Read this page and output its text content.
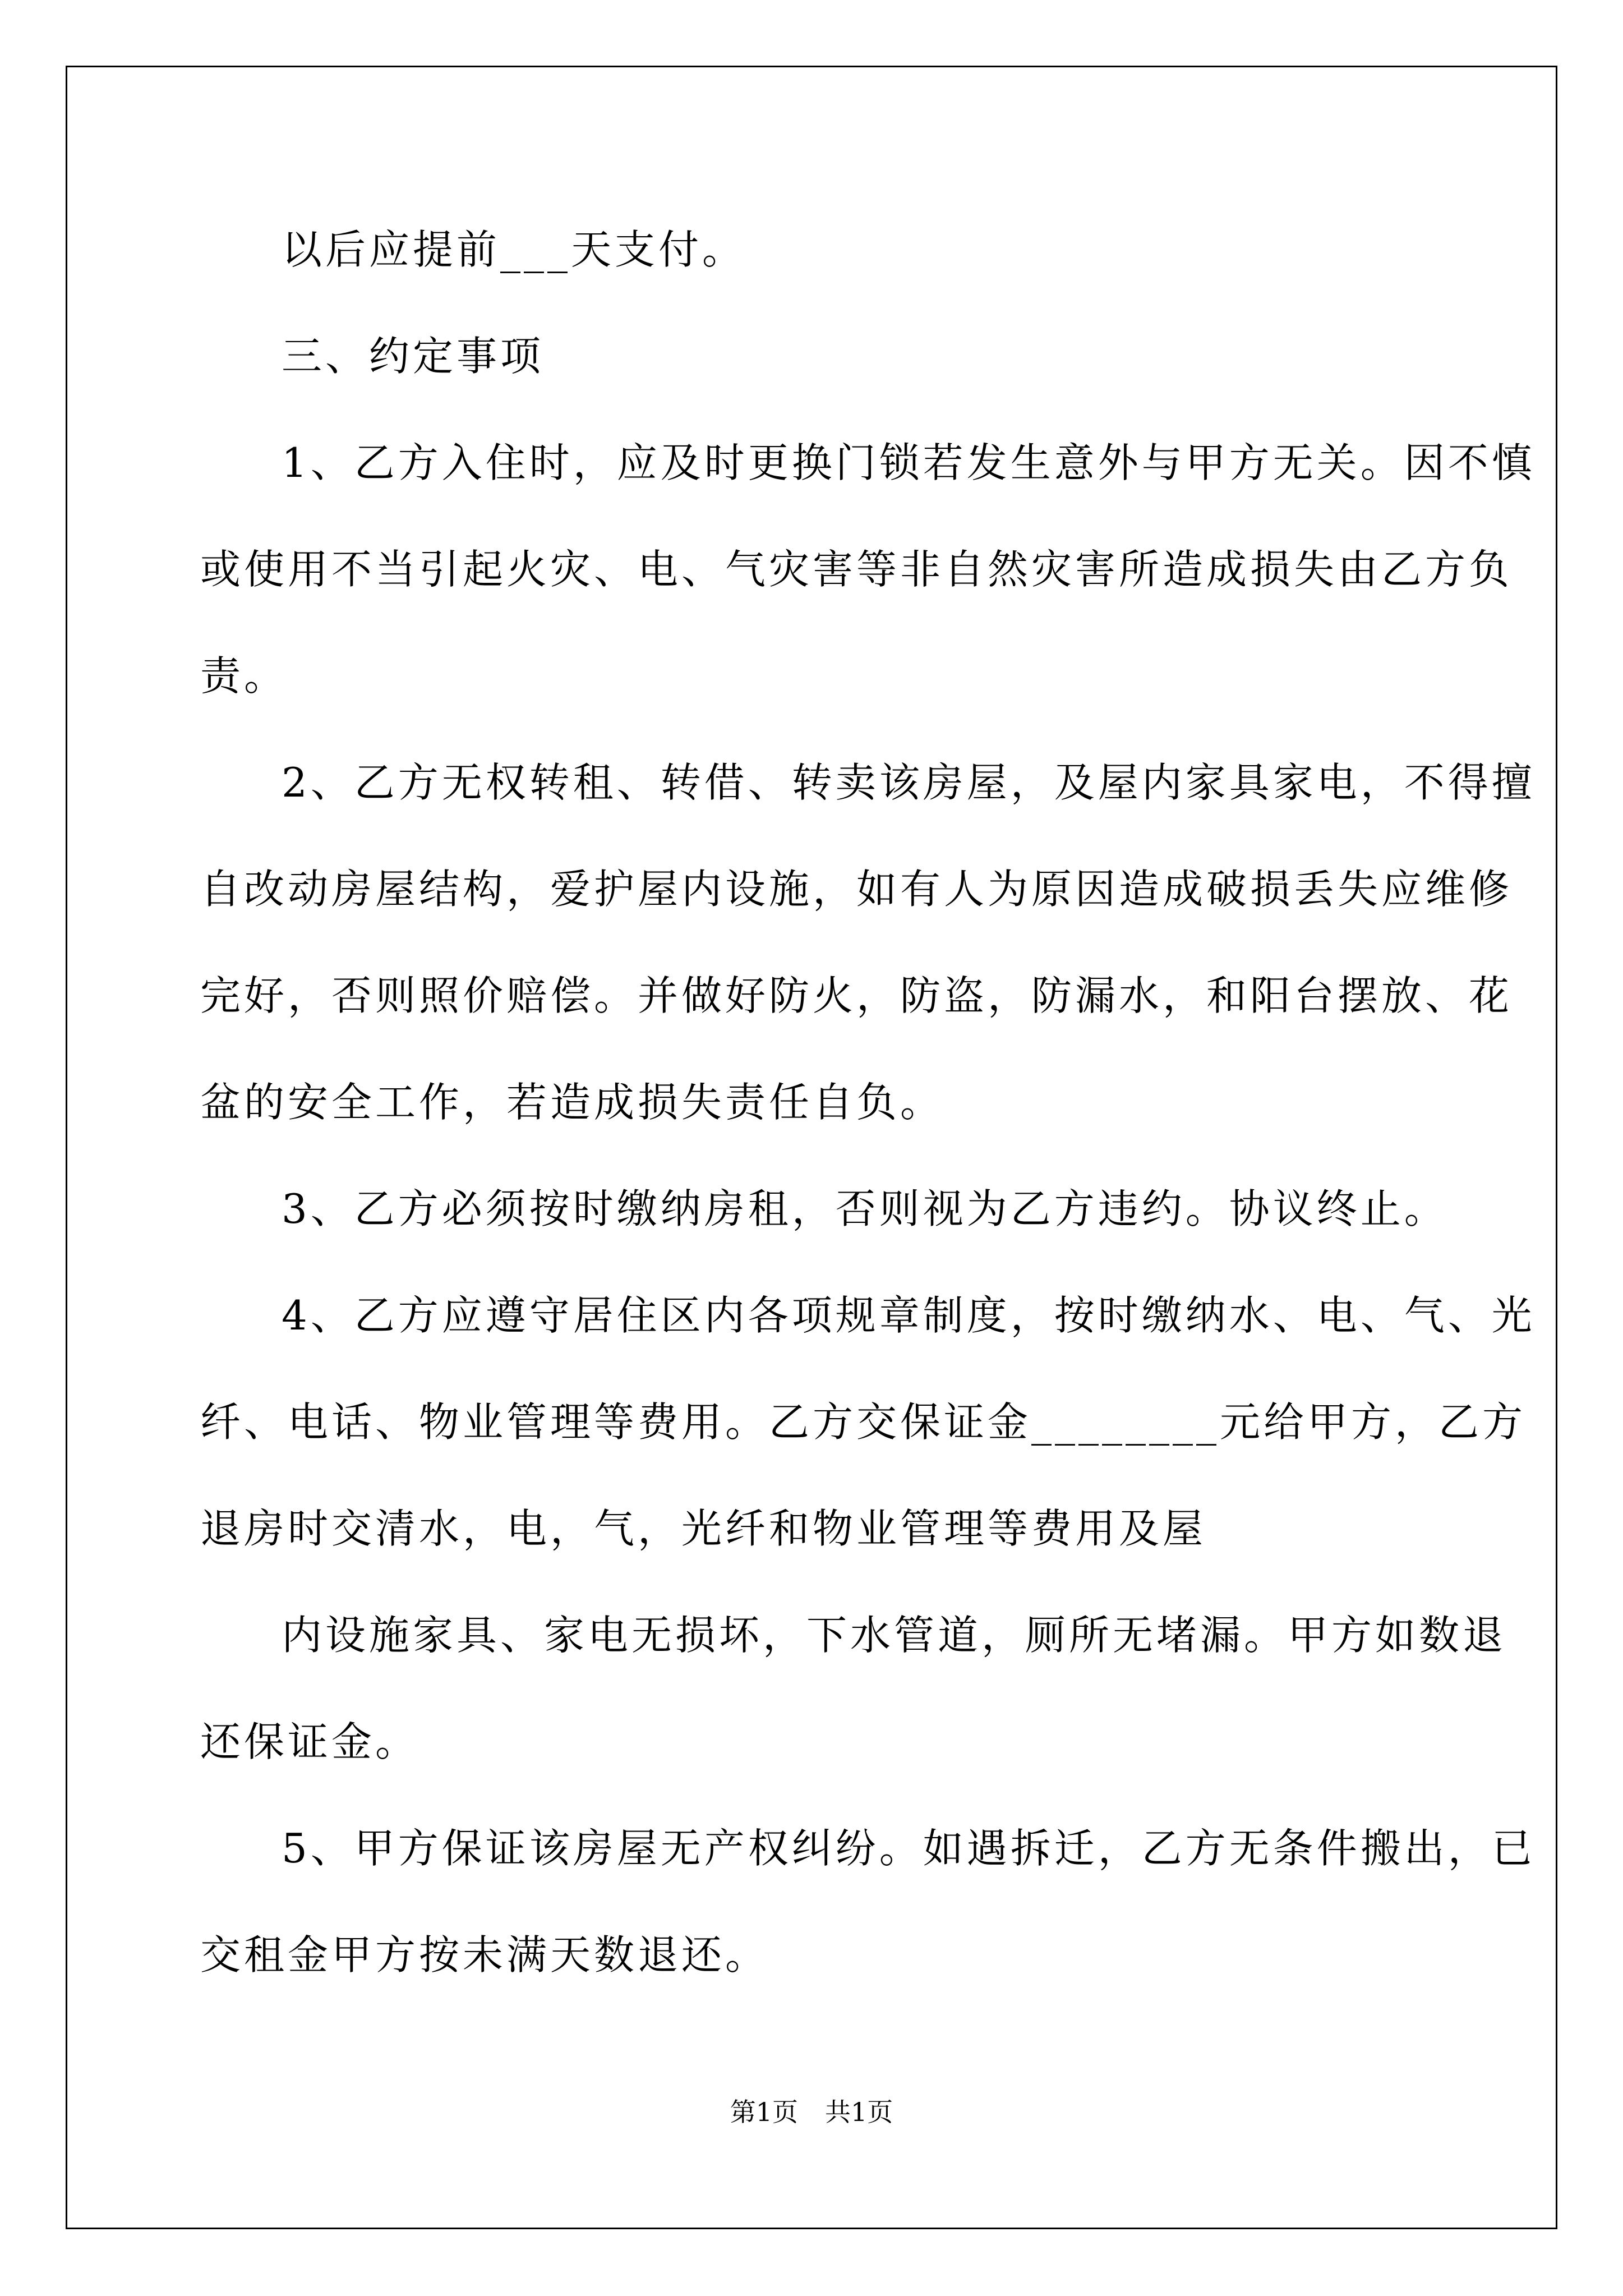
以后应提前___天支付。
三、约定事项
1、乙方入住时，应及时更换门锁若发生意外与甲方无关。因不慎
或使用不当引起火灾、电、气灾害等非自然灾害所造成损失由乙方负
责。
2、乙方无权转租、转借、转卖该房屋，及屋内家具家电，不得擅
自改动房屋结构，爱护屋内设施，如有人为原因造成破损丢失应维修
完好，否则照价赔偿。并做好防火，防盗，防漏水，和阳台摆放、花
盆的安全工作，若造成损失责任自负。
3、乙方必须按时缴纳房租，否则视为乙方违约。协议终止。
4、乙方应遵守居住区内各项规章制度，按时缴纳水、电、气、光
纤、电话、物业管理等费用。乙方交保证金________元给甲方，乙方
退房时交清水，电，气，光纤和物业管理等费用及屋
内设施家具、家电无损坏，下水管道，厕所无堵漏。甲方如数退
还保证金。
5、甲方保证该房屋无产权纠纷。如遇拆迁，乙方无条件搬出，已
交租金甲方按未满天数退还。
第1页 共1页
